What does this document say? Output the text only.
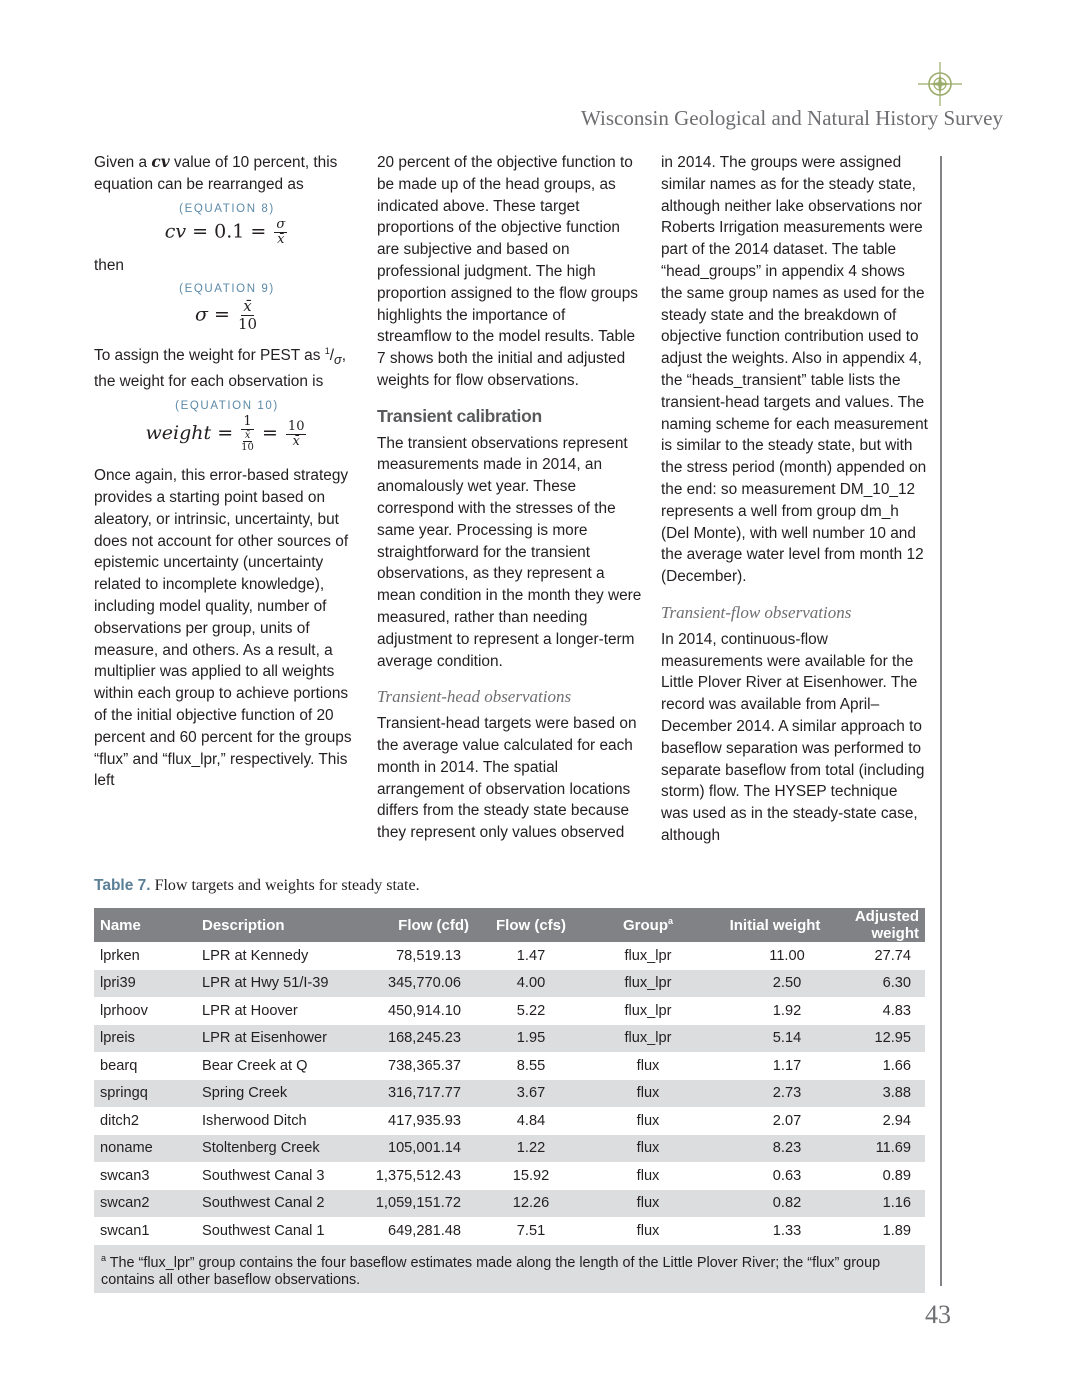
Wisconsin Geological and Natural History Survey

Given a cv value of 10 percent, this equation can be rearranged as

(EQUATION 8)
cv = $0.1 = \frac{\sigma}{x̄}$

then

(EQUATION 9)
$\sigma = \frac{x̄}{10}$

To assign the weight for PEST as $^1/_\sigma$, the weight for each observation is

(EQUATION 10)
weight = $\frac{1}{\frac{x̄}{10}} = \frac{10}{x̄}$

Once again, this error-based strategy provides a starting point based on aleatory, or intrinsic, uncertainty, but does not account for other sources of epistemic uncertainty (uncertainty related to incomplete knowledge), including model quality, number of observations per group, units of measure, and others. As a result, a multiplier was applied to all weights within each group to achieve portions of the initial objective function of 20 percent and 60 percent for the groups “flux” and “flux_lpr,” respectively. This left

20 percent of the objective function to be made up of the head groups, as indicated above. These target proportions of the objective function are subjective and based on professional judgment. The high proportion assigned to the flow groups highlights the importance of streamflow to the model results. Table 7 shows both the initial and adjusted weights for flow observations.

Transient calibration

The transient observations represent measurements made in 2014, an anomalously wet year. These correspond with the stresses of the same year. Processing is more straightforward for the transient observations, as they represent a mean condition in the month they were measured, rather than needing adjustment to represent a longer-term average condition.

Transient-head observations

Transient-head targets were based on the average value calculated for each month in 2014. The spatial arrangement of observation locations differs from the steady state because they represent only values observed

in 2014. The groups were assigned similar names as for the steady state, although neither lake observations nor Roberts Irrigation measurements were part of the 2014 dataset. The table “head_groups” in appendix 4 shows the same group names as used for the steady state and the breakdown of objective function contribution used to adjust the weights. Also in appendix 4, the “heads_transient” table lists the transient-head targets and values. The naming scheme for each measurement is similar to the steady state, but with the stress period (month) appended on the end: so measurement DM_10_12 represents a well from group dm_h (Del Monte), with well number 10 and the average water level from month 12 (December).

Transient-flow observations

In 2014, continuous-flow measurements were available for the Little Plover River at Eisenhower. The record was available from April–December 2014. A similar approach to baseflow separation was performed to separate baseflow from total (including storm) flow. The HYSEP technique was used as in the steady-state case, although

Table 7. Flow targets and weights for steady state.
Name	Description	Flow (cfd)	Flow (cfs)	Group$^a$	Initial weight	Adjusted weight
lprken	LPR at Kennedy	78,519.13	1.47	flux_lpr	11.00	27.74
lpri39	LPR at Hwy 51/I-39	345,770.06	4.00	flux_lpr	2.50	6.30
lprhoov	LPR at Hoover	450,914.10	5.22	flux_lpr	1.92	4.83
lpreis	LPR at Eisenhower	168,245.23	1.95	flux_lpr	5.14	12.95
bearq	Bear Creek at Q	738,365.37	8.55	flux	1.17	1.66
springq	Spring Creek	316,717.77	3.67	flux	2.73	3.88
ditch2	Isherwood Ditch	417,935.93	4.84	flux	2.07	2.94
noname	Stoltenberg Creek	105,001.14	1.22	flux	8.23	11.69
swcan3	Southwest Canal 3	1,375,512.43	15.92	flux	0.63	0.89
swcan2	Southwest Canal 2	1,059,151.72	12.26	flux	0.82	1.16
swcan1	Southwest Canal 1	649,281.48	7.51	flux	1.33	1.89
$^a$ The “flux_lpr” group contains the four baseflow estimates made along the length of the Little Plover River; the “flux” group contains all other baseflow observations.						
43
